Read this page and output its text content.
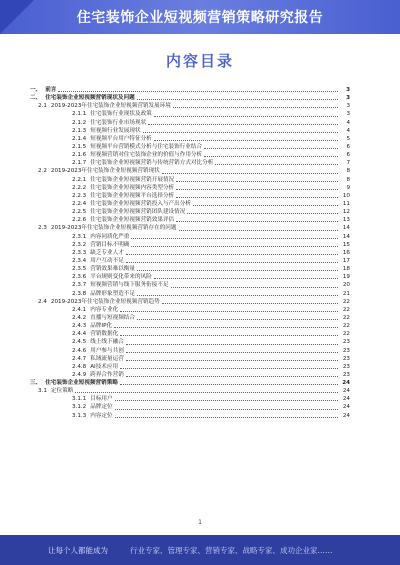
住宅装饰企业短视频营销策略研究报告
内容目录
一、 前言	3
二、 住宅装饰企业短视频营销现状及问题	3
2.1 2019-2023年住宅装饰企业短视频营销发展环境	3
2.1.1 住宅装饰行业现状及政策	3
2.1.2 住宅装饰行业市场现状	4
2.1.3 短视频行业发展现状	4
2.1.4 短视频平台用户特征分析	5
2.1.5 短视频平台营销模式分析与住宅装饰行业结合	6
2.1.6 短视频营销对住宅装饰企业的价值与作用分析	6
2.1.7 住宅装饰企业短视频营销与传统营销方式对比分析	7
2.2 2019-2023年住宅装饰企业短视频营销现状	8
2.2.1 住宅装饰企业短视频营销开展情况	8
2.2.2 住宅装饰企业短视频内容类型分析	9
2.2.3 住宅装饰企业短视频平台选择分析	10
2.2.4 住宅装饰企业短视频营销投入与产出分析	11
2.2.5 住宅装饰企业短视频营销团队建设情况	12
2.2.6 住宅装饰企业短视频营销效果评估	13
2.3 2019-2023年住宅装饰企业短视频营销存在的问题	14
2.3.1 内容同质化严重	14
2.3.2 营销目标不明确	15
2.3.3 缺乏专业人才	16
2.3.4 用户互动不足	17
2.3.5 营销效果难以衡量	18
2.3.6 平台规则变化带来的风险	19
2.3.7 短视频营销与线下服务衔接不足	20
2.3.8 品牌形象塑造不足	21
2.4 2019-2023年住宅装饰企业短视频营销趋势	22
2.4.1 内容专业化	22
2.4.2 直播与短视频结合	22
2.4.3 品牌IP化	22
2.4.4 营销数据化	22
2.4.5 线上线下融合	23
2.4.6 用户参与共创	23
2.4.7 私域流量运营	23
2.4.8 AI技术应用	23
2.4.9 跨界合作营销	23
三、 住宅装饰企业短视频营销策略	24
3.1 定位策略	24
3.1.1 目标用户	24
3.1.2 品牌定位	24
3.1.3 内容定位	24
1
让每个人都能成为	行业专家、管理专家、营销专家、战略专家、成功企业家……
